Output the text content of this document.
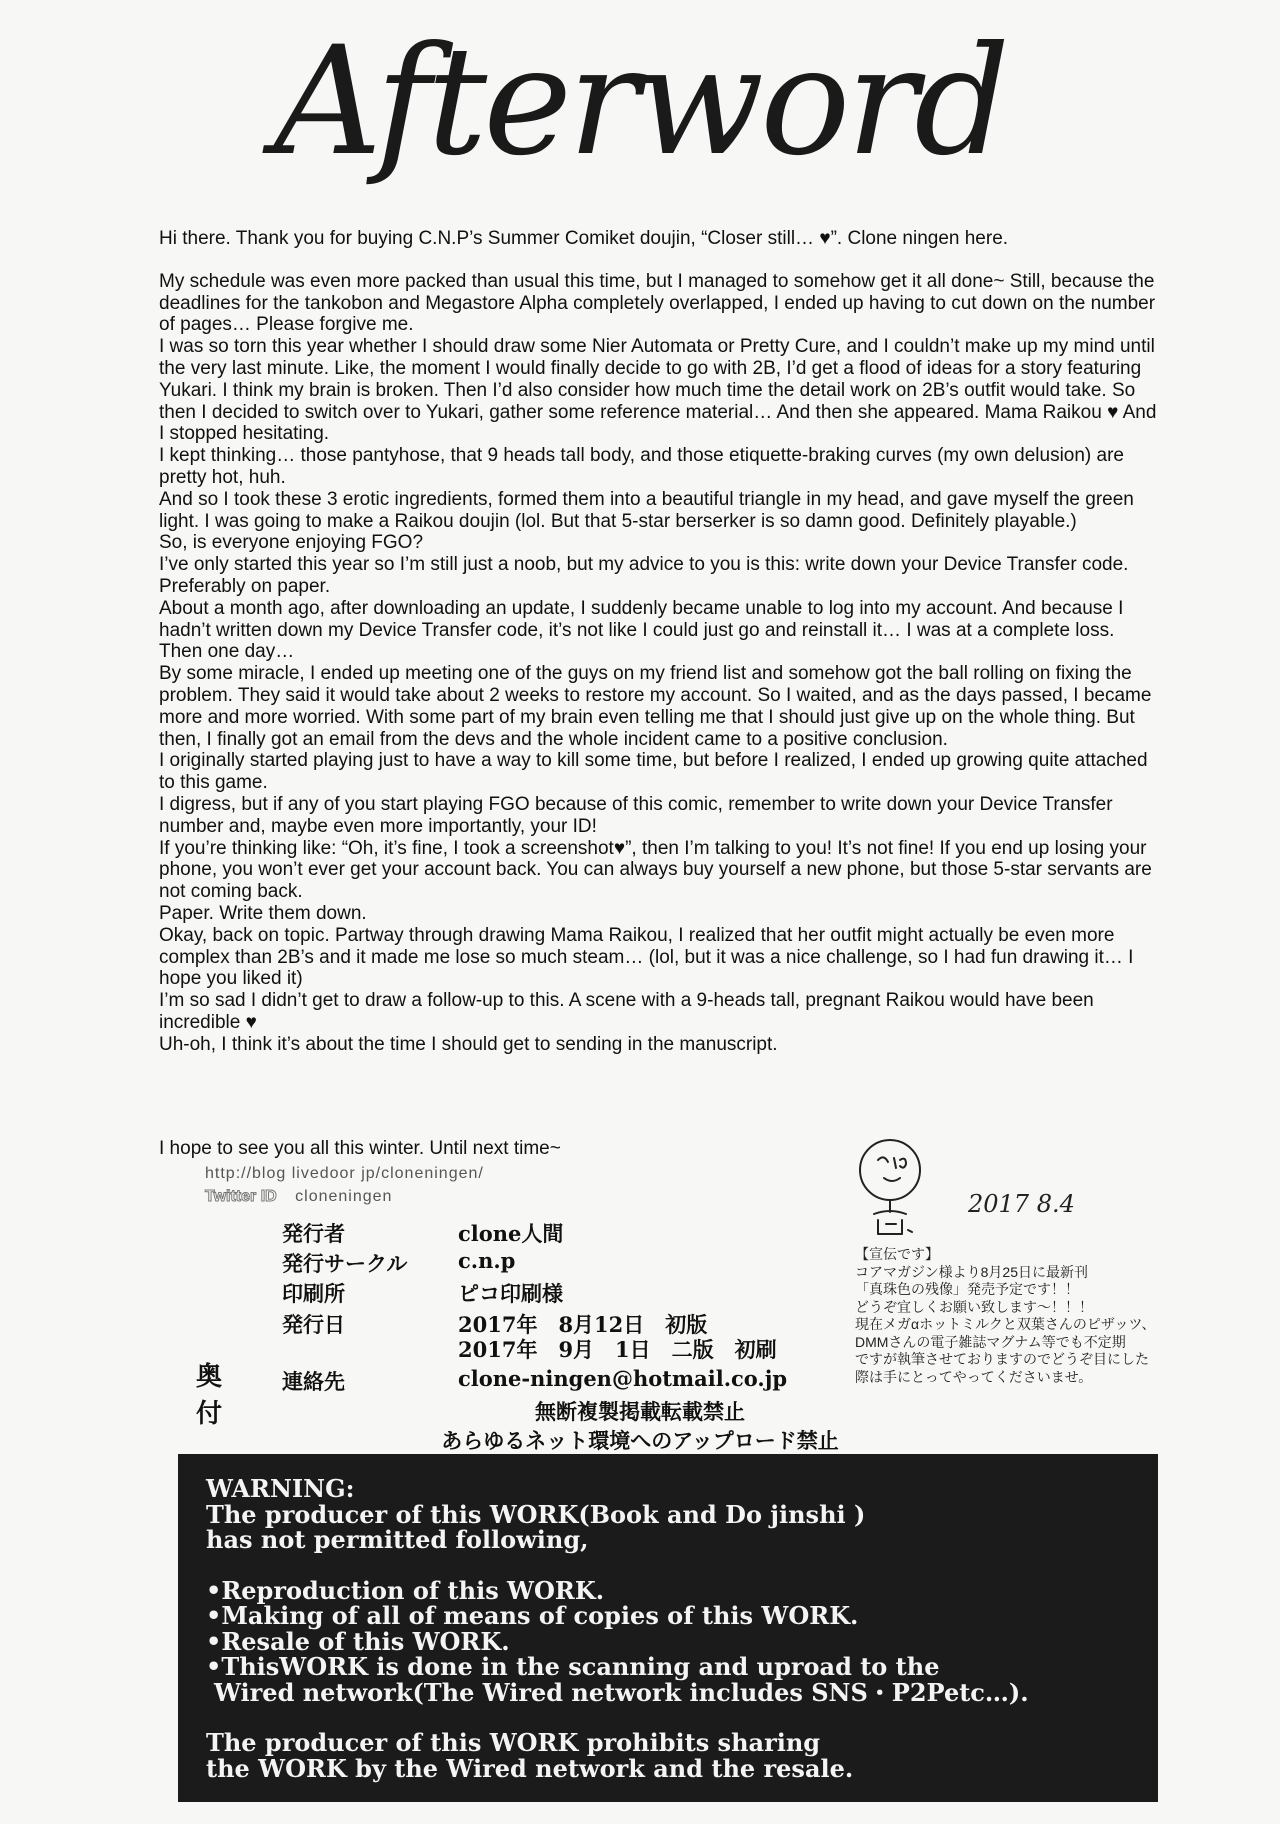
Afterword

Hi there. Thank you for buying C.N.P’s Summer Comiket doujin, “Closer still… ♥”. Clone ningen here.

My schedule was even more packed than usual this time, but I managed to somehow get it all done~ Still, because the deadlines for the tankobon and Megastore Alpha completely overlapped, I ended up having to cut down on the number of pages… Please forgive me.

I was so torn this year whether I should draw some Nier Automata or Pretty Cure, and I couldn’t make up my mind until the very last minute. Like, the moment I would finally decide to go with 2B, I’d get a flood of ideas for a story featuring Yukari. I think my brain is broken. Then I’d also consider how much time the detail work on 2B’s outfit would take. So then I decided to switch over to Yukari, gather some reference material… And then she appeared. Mama Raikou ♥ And I stopped hesitating.

I kept thinking… those pantyhose, that 9 heads tall body, and those etiquette-braking curves (my own delusion) are pretty hot, huh.

And so I took these 3 erotic ingredients, formed them into a beautiful triangle in my head, and gave myself the green light. I was going to make a Raikou doujin (lol. But that 5-star berserker is so damn good. Definitely playable.)

So, is everyone enjoying FGO?

I’ve only started this year so I’m still just a noob, but my advice to you is this: write down your Device Transfer code. Preferably on paper.

About a month ago, after downloading an update, I suddenly became unable to log into my account. And because I hadn’t written down my Device Transfer code, it’s not like I could just go and reinstall it… I was at a complete loss.

Then one day…

By some miracle, I ended up meeting one of the guys on my friend list and somehow got the ball rolling on fixing the problem. They said it would take about 2 weeks to restore my account. So I waited, and as the days passed, I became more and more worried. With some part of my brain even telling me that I should just give up on the whole thing. But then, I finally got an email from the devs and the whole incident came to a positive conclusion.

I originally started playing just to have a way to kill some time, but before I realized, I ended up growing quite attached to this game.

I digress, but if any of you start playing FGO because of this comic, remember to write down your Device Transfer number and, maybe even more importantly, your ID!

If you’re thinking like: “Oh, it’s fine, I took a screenshot♥”, then I’m talking to you! It’s not fine! If you end up losing your phone, you won’t ever get your account back. You can always buy yourself a new phone, but those 5-star servants are not coming back.

Paper. Write them down.

Okay, back on topic. Partway through drawing Mama Raikou, I realized that her outfit might actually be even more complex than 2B’s and it made me lose so much steam… (lol, but it was a nice challenge, so I had fun drawing it… I hope you liked it)

I’m so sad I didn’t get to draw a follow-up to this. A scene with a 9-heads tall, pregnant Raikou would have been incredible ♥

Uh-oh, I think it’s about the time I should get to sending in the manuscript.

I hope to see you all this winter. Until next time~
http://blog livedoor jp/cloneningen/
Twitter ID cloneningen	2017 8.4
発行者	clone人間
発行サークル c.n.p
印刷所	ピコ印刷様
発行日	2017年　8月12日　初版
2017年　9月　1日　二版　初刷
奥付
連絡先	clone-ningen@hotmail.co.jp
無断複製掲載転載禁止
あらゆるネット環境へのアップロード禁止
【宣伝です】
コアマガジン様より8月25日に最新刊
「真珠色の残像」発売予定です！！
どうぞ宜しくお願い致します～！！！
現在メガαホットミルクと双葉さんのピザッツ、
DMMさんの電子雑誌マグナム等でも不定期
ですが執筆させておりますのでどうぞ目にした
際は手にとってやってくださいませ。
WARNING:
The producer of this WORK(Book and Do jinshi )
has not permitted following,
•Reproduction of this WORK.
•Making of all of means of copies of this WORK.
•Resale of this WORK.
•ThisWORK is done in the scanning and uproad to the
Wired network(The Wired network includes SNS・P2Petc…).
The producer of this WORK prohibits sharing
the WORK by the Wired network and the resale.
